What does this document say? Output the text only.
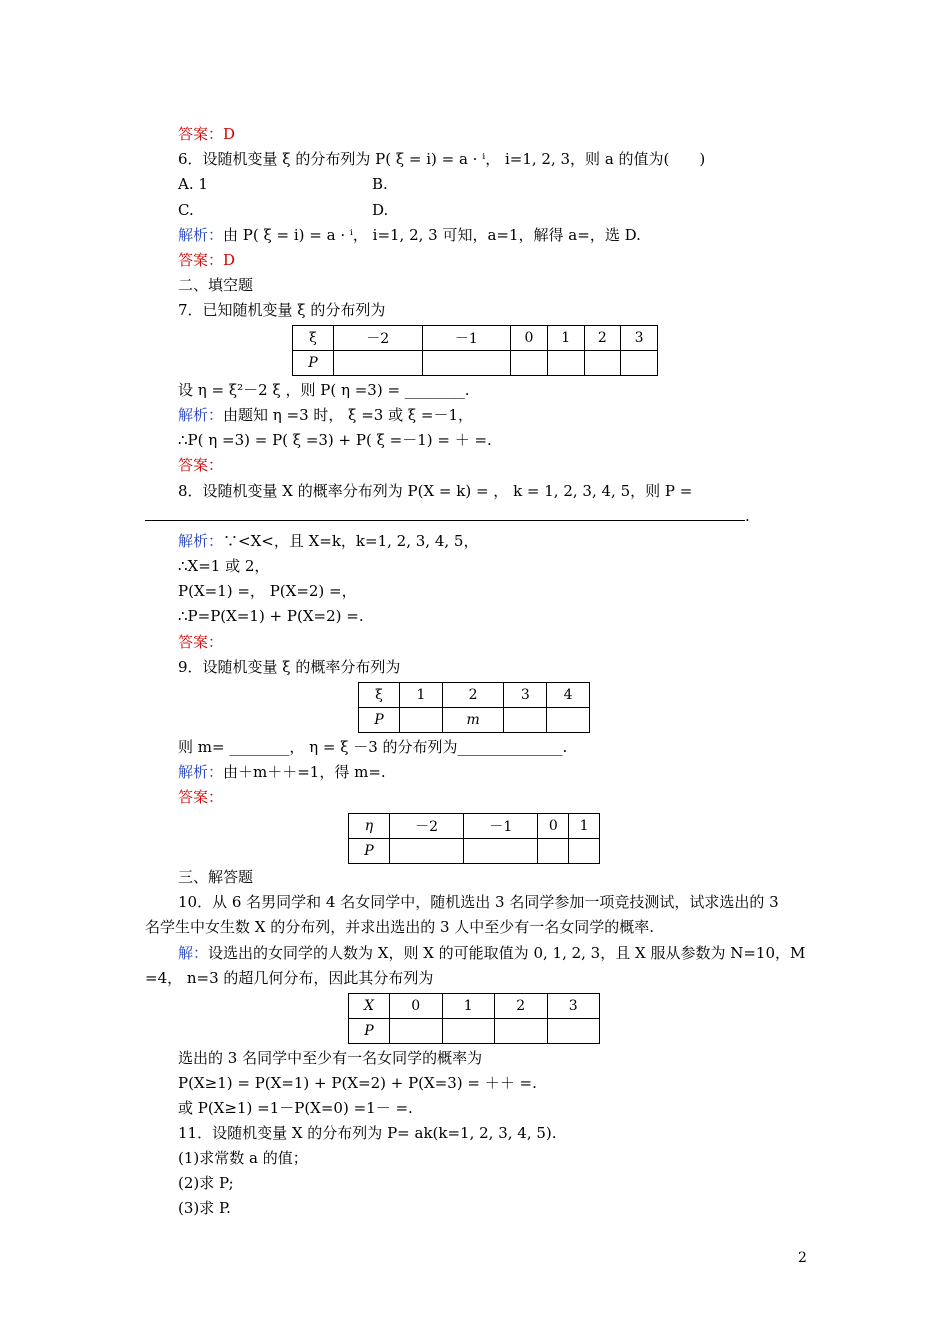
答案：D
6．设随机变量 ξ 的分布列为 P( ξ = i) = a · ⁱ， i=1, 2, 3，则 a 的值为(　　)
A. 1	B.
C.	D.
解析：由 P( ξ = i) = a · ⁱ， i=1, 2, 3 可知，a=1，解得 a=，选 D.
答案：D
二、填空题
7．已知随机变量 ξ 的分布列为
ξ	－2	－1	0	1	2	3
P						
设 η = ξ²－2 ξ ，则 P( η =3) = ________.
解析：由题知 η =3 时， ξ =3 或 ξ =－1，
∴P( η =3) = P( ξ =3) + P( ξ =－1) = ＋ =.
答案：
8．设随机变量 X 的概率分布列为 P(X = k) = ， k = 1, 2, 3, 4, 5，则 P =
.
解析：∵<X<，且 X=k，k=1, 2, 3, 4, 5，
∴X=1 或 2，
P(X=1) =， P(X=2) =，
∴P=P(X=1) + P(X=2) =.
答案：
9．设随机变量 ξ 的概率分布列为
ξ	1	2	3	4
P		m		
则 m= ________， η = ξ －3 的分布列为______________.
解析：由＋m＋＋=1，得 m=.
答案：
η	－2	－1	0	1
P				
三、解答题
10．从 6 名男同学和 4 名女同学中，随机选出 3 名同学参加一项竞技测试，试求选出的 3
名学生中女生数 X 的分布列，并求出选出的 3 人中至少有一名女同学的概率.
解：设选出的女同学的人数为 X，则 X 的可能取值为 0, 1, 2, 3，且 X 服从参数为 N=10，M
=4， n=3 的超几何分布，因此其分布列为
X	0	1	2	3
P				
选出的 3 名同学中至少有一名女同学的概率为
P(X≥1) = P(X=1) + P(X=2) + P(X=3) = ＋＋ =.
或 P(X≥1) =1－P(X=0) =1－ =.
11．设随机变量 X 的分布列为 P= ak(k=1, 2, 3, 4, 5).
(1)求常数 a 的值；
(2)求 P;
(3)求 P.
2
